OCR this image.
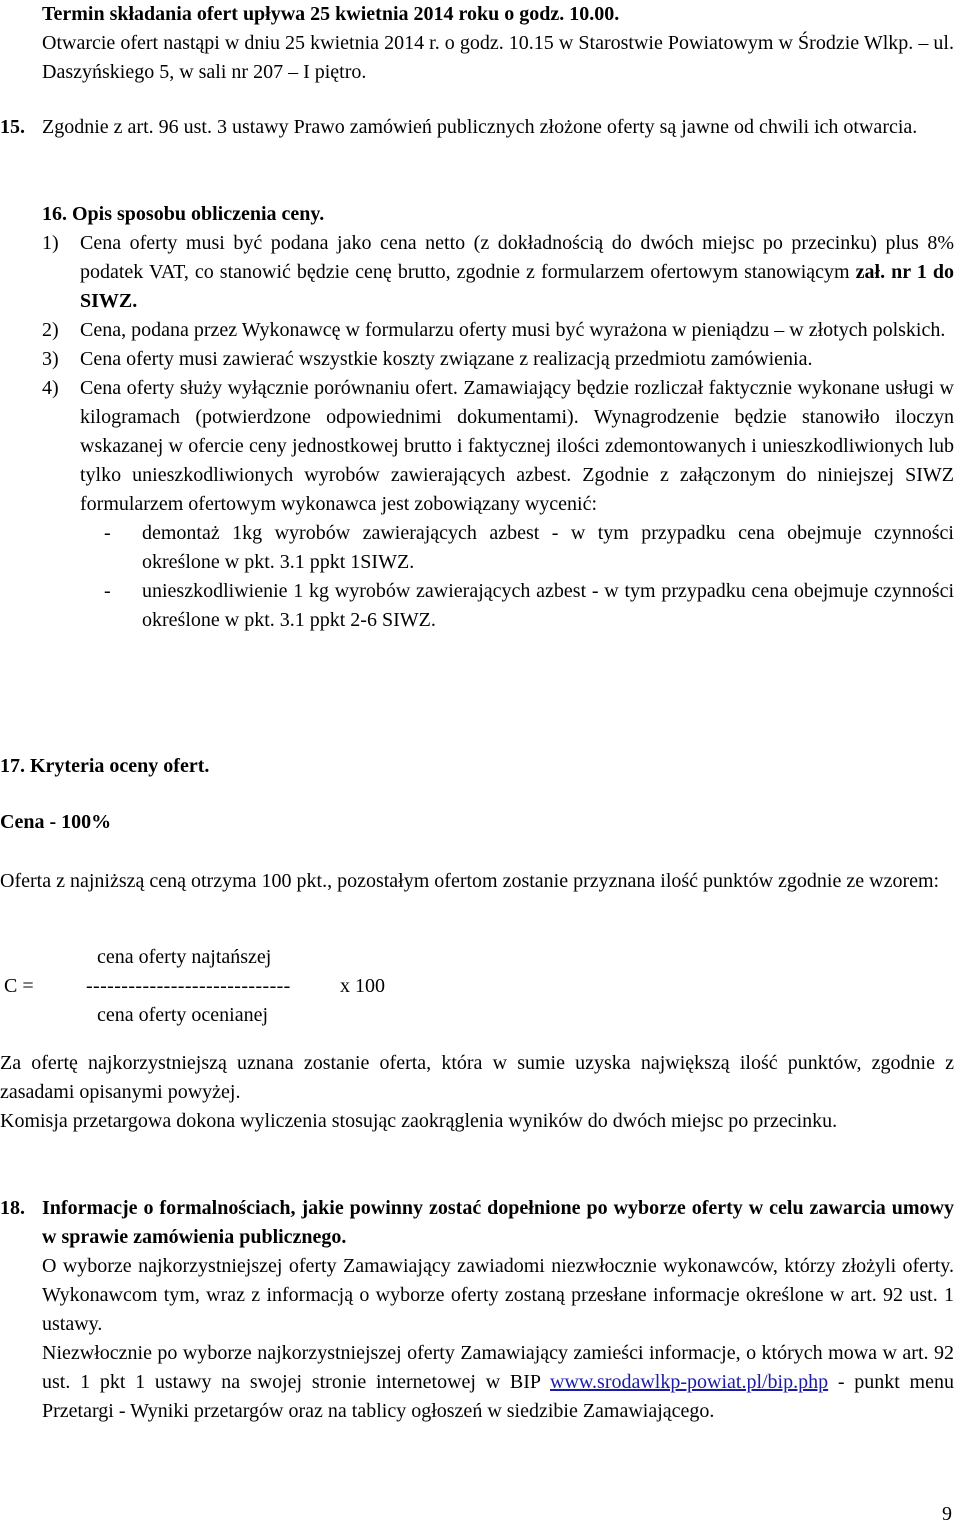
Termin składania ofert upływa 25 kwietnia 2014 roku o godz. 10.00.

Otwarcie ofert nastąpi w dniu 25 kwietnia 2014 r. o godz. 10.15 w Starostwie Powiatowym w Środzie Wlkp. – ul. Daszyńskiego 5, w sali nr 207 – I piętro.

15. Zgodnie z art. 96 ust. 3 ustawy Prawo zamówień publicznych złożone oferty są jawne od chwili ich otwarcia.

16. Opis sposobu obliczenia ceny.

1) Cena oferty musi być podana jako cena netto (z dokładnością do dwóch miejsc po przecinku) plus 8% podatek VAT, co stanowić będzie cenę brutto, zgodnie z formularzem ofertowym stanowiącym zał. nr 1 do SIWZ.
2) Cena, podana przez Wykonawcę w formularzu oferty musi być wyrażona w pieniądzu – w złotych polskich.
3) Cena oferty musi zawierać wszystkie koszty związane z realizacją przedmiotu zamówienia.
4) Cena oferty służy wyłącznie porównaniu ofert. Zamawiający będzie rozliczał faktycznie wykonane usługi w kilogramach (potwierdzone odpowiednimi dokumentami). Wynagrodzenie będzie stanowiło iloczyn wskazanej w ofercie ceny jednostkowej brutto i faktycznej ilości zdemontowanych i unieszkodliwionych lub tylko unieszkodliwionych wyrobów zawierających azbest. Zgodnie z załączonym do niniejszej SIWZ formularzem ofertowym wykonawca jest zobowiązany wycenić:
- demontaż 1kg wyrobów zawierających azbest - w tym przypadku cena obejmuje czynności określone w pkt. 3.1 ppkt 1SIWZ.
- unieszkodliwienie 1 kg wyrobów zawierających azbest - w tym przypadku cena obejmuje czynności określone w pkt. 3.1 ppkt 2-6 SIWZ.

17. Kryteria oceny ofert.

Cena - 100%

Oferta z najniższą ceną otrzyma 100 pkt., pozostałym ofertom zostanie przyznana ilość punktów zgodnie ze wzorem:

cena oferty najtańszej
C =	----------------------------- x 100
cena oferty ocenianej

Za ofertę najkorzystniejszą uznana zostanie oferta, która w sumie uzyska największą ilość punktów, zgodnie z zasadami opisanymi powyżej.

Komisja przetargowa dokona wyliczenia stosując zaokrąglenia wyników do dwóch miejsc po przecinku.

18. Informacje o formalnościach, jakie powinny zostać dopełnione po wyborze oferty w celu zawarcia umowy w sprawie zamówienia publicznego.

O wyborze najkorzystniejszej oferty Zamawiający zawiadomi niezwłocznie wykonawców, którzy złożyli oferty. Wykonawcom tym, wraz z informacją o wyborze oferty zostaną przesłane informacje określone w art. 92 ust. 1 ustawy.

Niezwłocznie po wyborze najkorzystniejszej oferty Zamawiający zamieści informacje, o których mowa w art. 92 ust. 1 pkt 1 ustawy na swojej stronie internetowej w BIP www.srodawlkp-powiat.pl/bip.php - punkt menu Przetargi - Wyniki przetargów oraz na tablicy ogłoszeń w siedzibie Zamawiającego.

9
